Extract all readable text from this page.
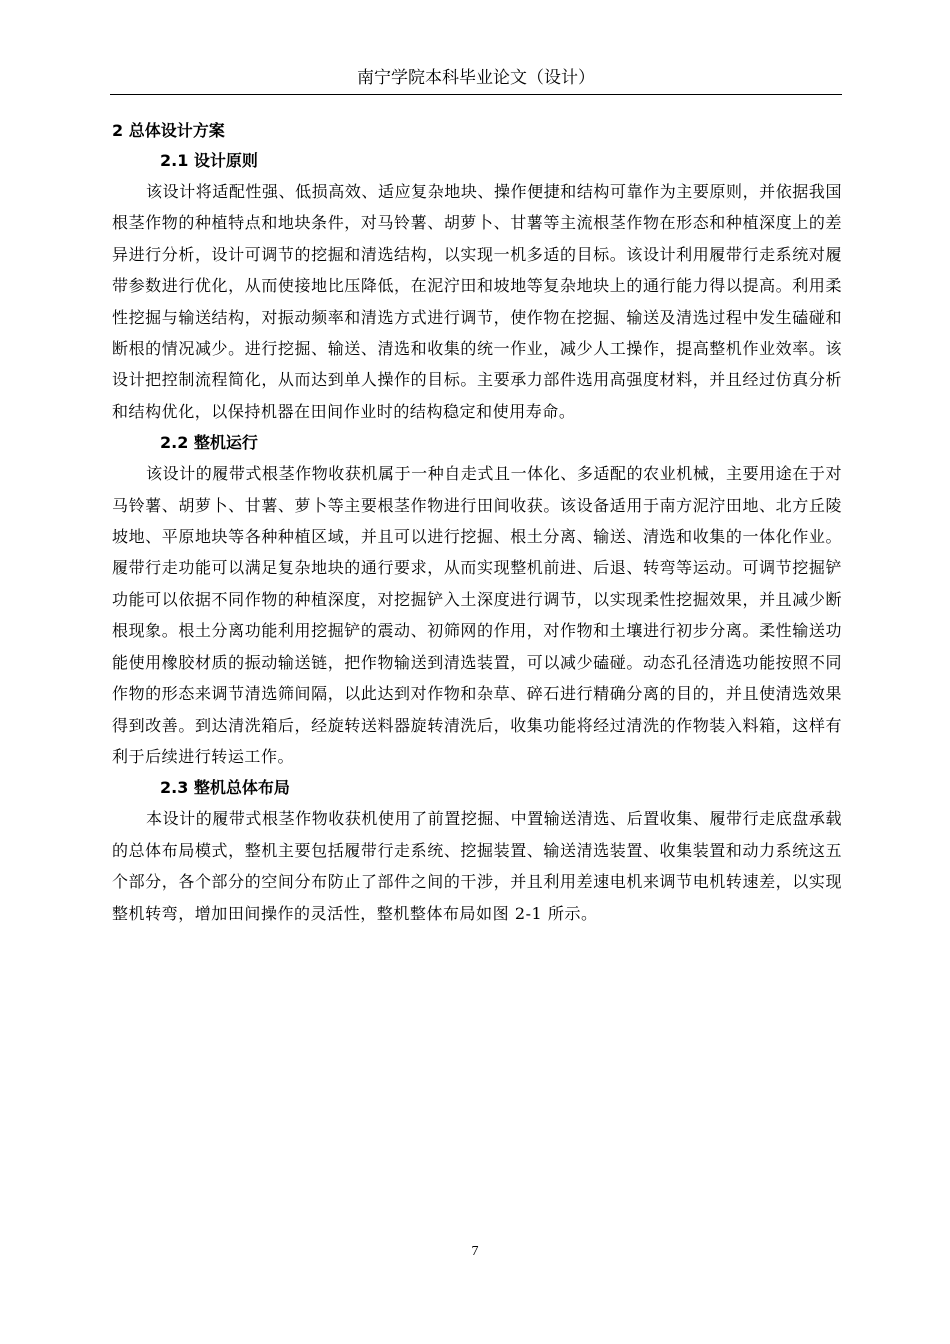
南宁学院本科毕业论文（设计）

2 总体设计方案

2.1 设计原则

该设计将适配性强、低损高效、适应复杂地块、操作便捷和结构可靠作为主要原则，并依据我国根茎作物的种植特点和地块条件，对马铃薯、胡萝卜、甘薯等主流根茎作物在形态和种植深度上的差异进行分析，设计可调节的挖掘和清选结构，以实现一机多适的目标。该设计利用履带行走系统对履带参数进行优化，从而使接地比压降低，在泥泞田和坡地等复杂地块上的通行能力得以提高。利用柔性挖掘与输送结构，对振动频率和清选方式进行调节，使作物在挖掘、输送及清选过程中发生磕碰和断根的情况减少。进行挖掘、输送、清选和收集的统一作业，减少人工操作，提高整机作业效率。该设计把控制流程简化，从而达到单人操作的目标。主要承力部件选用高强度材料，并且经过仿真分析和结构优化，以保持机器在田间作业时的结构稳定和使用寿命。

2.2 整机运行

该设计的履带式根茎作物收获机属于一种自走式且一体化、多适配的农业机械，主要用途在于对马铃薯、胡萝卜、甘薯、萝卜等主要根茎作物进行田间收获。该设备适用于南方泥泞田地、北方丘陵坡地、平原地块等各种种植区域，并且可以进行挖掘、根土分离、输送、清选和收集的一体化作业。履带行走功能可以满足复杂地块的通行要求，从而实现整机前进、后退、转弯等运动。可调节挖掘铲功能可以依据不同作物的种植深度，对挖掘铲入土深度进行调节，以实现柔性挖掘效果，并且减少断根现象。根土分离功能利用挖掘铲的震动、初筛网的作用，对作物和土壤进行初步分离。柔性输送功能使用橡胶材质的振动输送链，把作物输送到清选装置，可以减少磕碰。动态孔径清选功能按照不同作物的形态来调节清选筛间隔，以此达到对作物和杂草、碎石进行精确分离的目的，并且使清选效果得到改善。到达清洗箱后，经旋转送料器旋转清洗后，收集功能将经过清洗的作物装入料箱，这样有利于后续进行转运工作。

2.3 整机总体布局

本设计的履带式根茎作物收获机使用了前置挖掘、中置输送清选、后置收集、履带行走底盘承载的总体布局模式，整机主要包括履带行走系统、挖掘装置、输送清选装置、收集装置和动力系统这五个部分，各个部分的空间分布防止了部件之间的干涉，并且利用差速电机来调节电机转速差，以实现整机转弯，增加田间操作的灵活性，整机整体布局如图 2-1 所示。

7
